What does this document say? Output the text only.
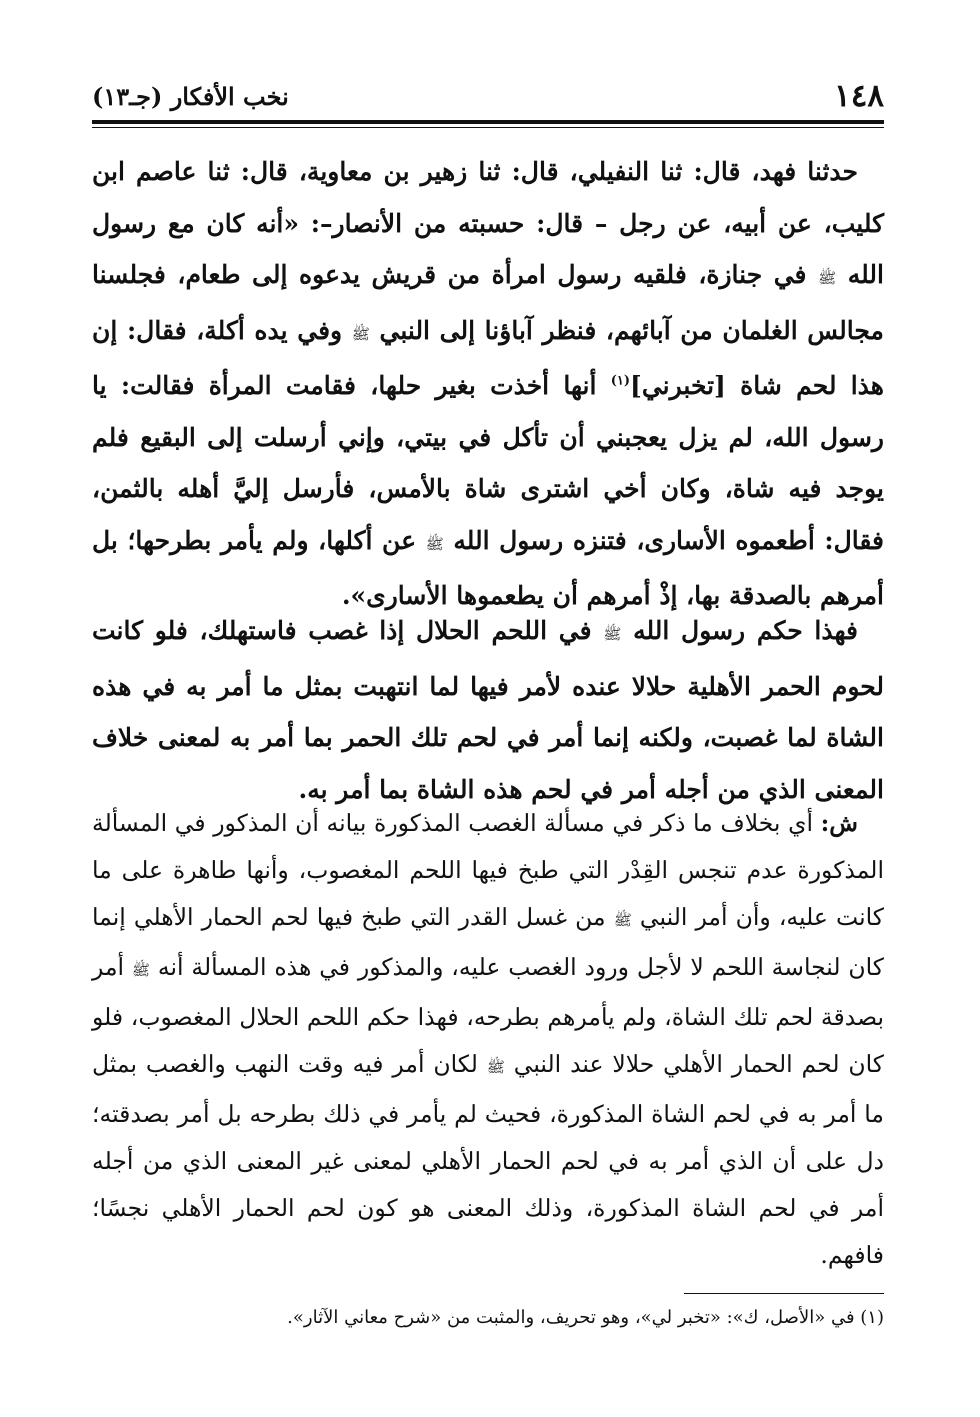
١٤٨
نخب الأفكار (جـ١٣)
حدثنا فهد، قال: ثنا النفيلي، قال: ثنا زهير بن معاوية، قال: ثنا عاصم ابن كليب، عن أبيه، عن رجل – قال: حسبته من الأنصار–: «أنه كان مع رسول الله ﷺ في جنازة، فلقيه رسول امرأة من قريش يدعوه إلى طعام، فجلسنا مجالس الغلمان من آبائهم، فنظر آباؤنا إلى النبي ﷺ وفي يده أكلة، فقال: إن هذا لحم شاة [تخبرني]$^{(١)}$ أنها أخذت بغير حلها، فقامت المرأة فقالت: يا رسول الله، لم يزل يعجبني أن تأكل في بيتي، وإني أرسلت إلى البقيع فلم يوجد فيه شاة، وكان أخي اشترى شاة بالأمس، فأرسل إليَّ أهله بالثمن، فقال: أطعموه الأسارى، فتنزه رسول الله ﷺ عن أكلها، ولم يأمر بطرحها؛ بل أمرهم بالصدقة بها، إذْ أمرهم أن يطعموها الأسارى».
فهذا حكم رسول الله ﷺ في اللحم الحلال إذا غصب فاستهلك، فلو كانت لحوم الحمر الأهلية حلالا عنده لأمر فيها لما انتهبت بمثل ما أمر به في هذه الشاة لما غصبت، ولكنه إنما أمر في لحم تلك الحمر بما أمر به لمعنى خلاف المعنى الذي من أجله أمر في لحم هذه الشاة بما أمر به.
ش: أي بخلاف ما ذكر في مسألة الغصب المذكورة بيانه أن المذكور في المسألة المذكورة عدم تنجس القِدْر التي طبخ فيها اللحم المغصوب، وأنها طاهرة على ما كانت عليه، وأن أمر النبي ﷺ من غسل القدر التي طبخ فيها لحم الحمار الأهلي إنما كان لنجاسة اللحم لا لأجل ورود الغصب عليه، والمذكور في هذه المسألة أنه ﷺ أمر بصدقة لحم تلك الشاة، ولم يأمرهم بطرحه، فهذا حكم اللحم الحلال المغصوب، فلو كان لحم الحمار الأهلي حلالا عند النبي ﷺ لكان أمر فيه وقت النهب والغصب بمثل ما أمر به في لحم الشاة المذكورة، فحيث لم يأمر في ذلك بطرحه بل أمر بصدقته؛ دل على أن الذي أمر به في لحم الحمار الأهلي لمعنى غير المعنى الذي من أجله أمر في لحم الشاة المذكورة، وذلك المعنى هو كون لحم الحمار الأهلي نجسًا؛ فافهم.
(١) في «الأصل، ك»: «تخبر لي»، وهو تحريف، والمثبت من «شرح معاني الآثار».
